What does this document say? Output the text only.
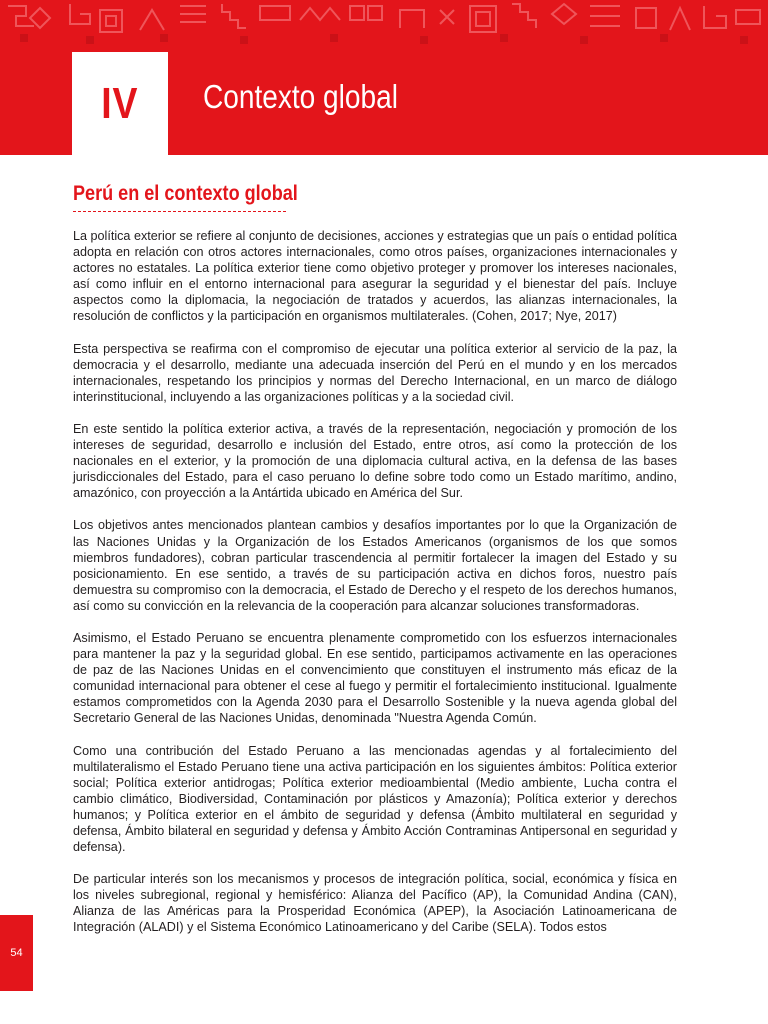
IV Contexto global
Perú en el contexto global

La política exterior se refiere al conjunto de decisiones, acciones y estrategias que un país o entidad política adopta en relación con otros actores internacionales, como otros países, organizaciones internacionales y actores no estatales. La política exterior tiene como objetivo proteger y promover los intereses nacionales, así como influir en el entorno internacional para asegurar la seguridad y el bienestar del país. Incluye aspectos como la diplomacia, la negociación de tratados y acuerdos, las alianzas internacionales, la resolución de conflictos y la participación en organismos multilaterales. (Cohen, 2017; Nye, 2017)

Esta perspectiva se reafirma con el compromiso de ejecutar una política exterior al servicio de la paz, la democracia y el desarrollo, mediante una adecuada inserción del Perú en el mundo y en los mercados internacionales, respetando los principios y normas del Derecho Internacional, en un marco de diálogo interinstitucional, incluyendo a las organizaciones políticas y a la sociedad civil.

En este sentido la política exterior activa, a través de la representación, negociación y promoción de los intereses de seguridad, desarrollo e inclusión del Estado, entre otros, así como la protección de los nacionales en el exterior, y la promoción de una diplomacia cultural activa, en la defensa de las bases jurisdiccionales del Estado, para el caso peruano lo define sobre todo como un Estado marítimo, andino, amazónico, con proyección a la Antártida ubicado en América del Sur.

Los objetivos antes mencionados plantean cambios y desafíos importantes por lo que la Organización de las Naciones Unidas y la Organización de los Estados Americanos (organismos de los que somos miembros fundadores), cobran particular trascendencia al permitir fortalecer la imagen del Estado y su posicionamiento. En ese sentido, a través de su participación activa en dichos foros, nuestro país demuestra su compromiso con la democracia, el Estado de Derecho y el respeto de los derechos humanos, así como su convicción en la relevancia de la cooperación para alcanzar soluciones transformadoras.

Asimismo, el Estado Peruano se encuentra plenamente comprometido con los esfuerzos internacionales para mantener la paz y la seguridad global. En ese sentido, participamos activamente en las operaciones de paz de las Naciones Unidas en el convencimiento que constituyen el instrumento más eficaz de la comunidad internacional para obtener el cese al fuego y permitir el fortalecimiento institucional. Igualmente estamos comprometidos con la Agenda 2030 para el Desarrollo Sostenible y la nueva agenda global del Secretario General de las Naciones Unidas, denominada "Nuestra Agenda Común.

Como una contribución del Estado Peruano a las mencionadas agendas y al fortalecimiento del multilateralismo el Estado Peruano tiene una activa participación en los siguientes ámbitos: Política exterior social; Política exterior antidrogas; Política exterior medioambiental (Medio ambiente, Lucha contra el cambio climático, Biodiversidad, Contaminación por plásticos y Amazonía); Política exterior y derechos humanos; y Política exterior en el ámbito de seguridad y defensa (Ámbito multilateral en seguridad y defensa, Ámbito bilateral en seguridad y defensa y Ámbito Acción Contraminas Antipersonal en seguridad y defensa).

De particular interés son los mecanismos y procesos de integración política, social, económica y física en los niveles subregional, regional y hemisférico: Alianza del Pacífico (AP), la Comunidad Andina (CAN), Alianza de las Américas para la Prosperidad Económica (APEP), la Asociación Latinoamericana de Integración (ALADI) y el Sistema Económico Latinoamericano y del Caribe (SELA). Todos estos

54
